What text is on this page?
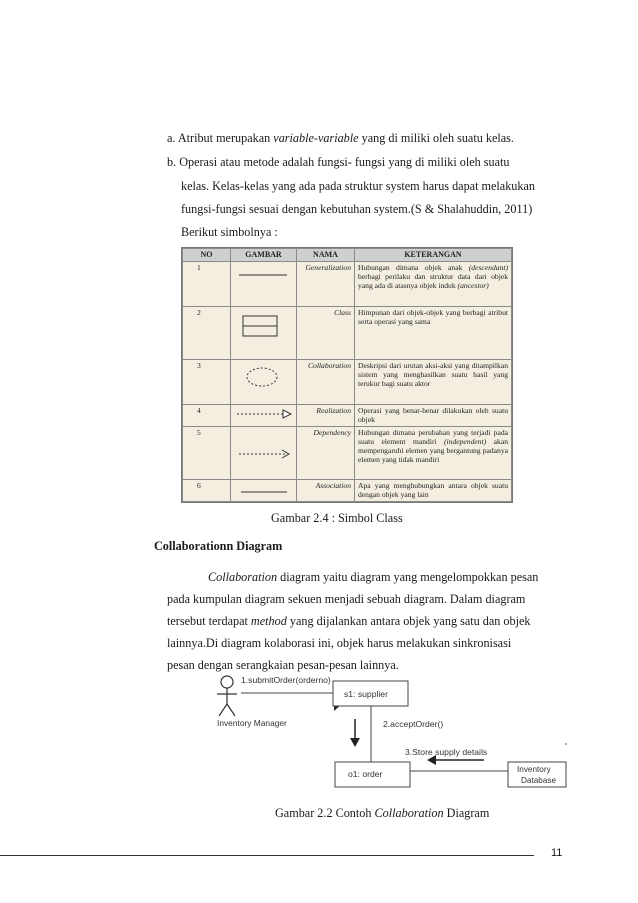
a. Atribut merupakan variable-variable yang di miliki oleh suatu kelas.
b. Operasi atau metode adalah fungsi- fungsi yang di miliki oleh suatu
kelas. Kelas-kelas yang ada pada struktur system harus dapat melakukan
fungsi-fungsi sesuai dengan kebutuhan system.(S & Shalahuddin, 2011)
Berikut simbolnya :
NO	GAMBAR	NAMA	KETERANGAN
1		Generalization	Hubungan dimana objek anak (descendant) berbagi perilaku dan struktur data dari objek yang ada di atasnya objek induk (ancestor)
2		Class	Himpunan dari objek-objek yang berbagi atribut serta operasi yang sama
3		Collaboration	Deskripsi dari urutan aksi-aksi yang ditampilkan sistem yang menghasilkan suatu hasil yang terukur bagi suatu aktor
4		Realization	Operasi yang benar-benar dilakukan oleh suatu objek
5		Dependency	Hubungan dimana perubahan yang terjadi pada suatu element mandiri (independent) akan mempengaruhi elemen yang bergantung padanya elemen yang tidak mandiri
6		Association	Apa yang menghubungkan antara objek suatu dengan objek yang lain
Gambar 2.4 : Simbol Class
Collaborationn Diagram
Collaboration diagram yaitu diagram yang mengelompokkan pesan
pada kumpulan diagram sekuen menjadi sebuah diagram. Dalam diagram
tersebut terdapat method yang dijalankan antara objek yang satu dan objek
lainnya.Di diagram kolaborasi ini, objek harus melakukan sinkronisasi
pesan dengan serangkaian pesan-pesan lainnya.
Inventory Manager
1.submitOrder(orderno)
s1: supplier
2.acceptOrder()
o1: order
3.Store supply details
Inventory
Database
Gambar 2.2 Contoh Collaboration Diagram
11
